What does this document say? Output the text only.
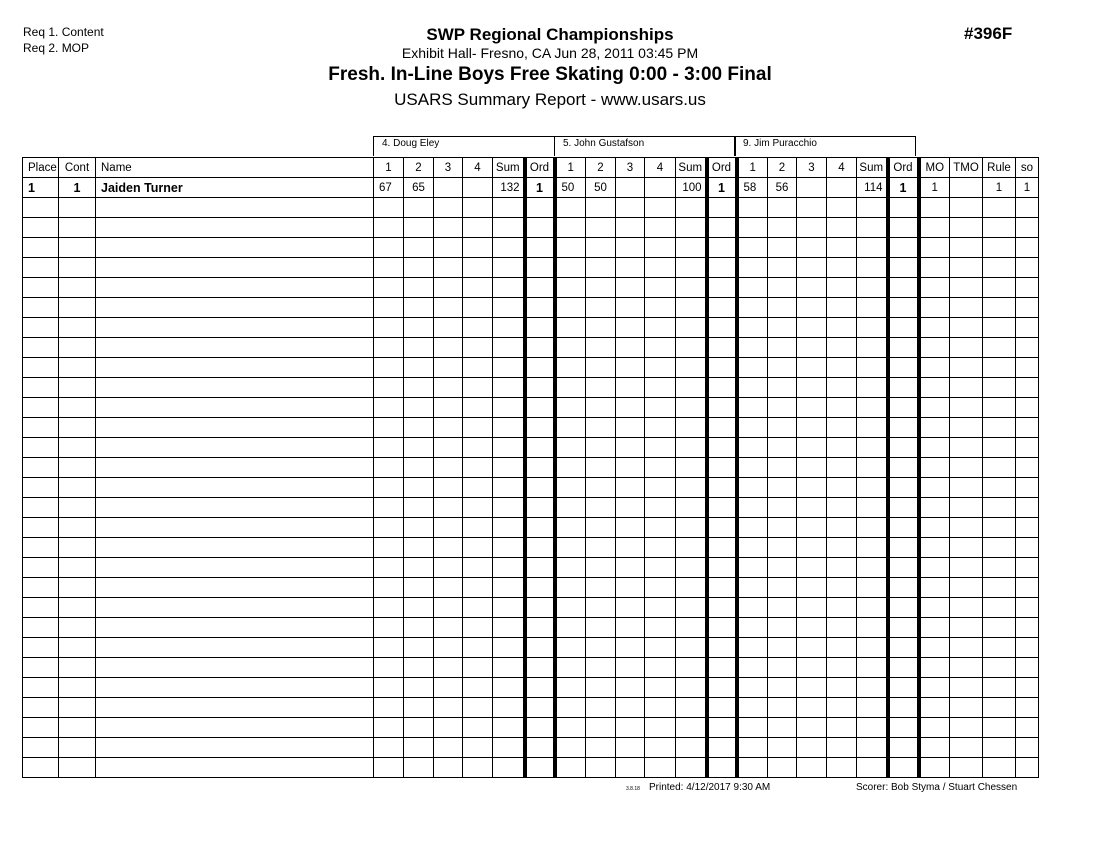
Req 1. Content
Req 2. MOP
SWP Regional Championships
Exhibit Hall- Fresno, CA Jun 28, 2011 03:45 PM
Fresh. In-Line Boys Free Skating 0:00 - 3:00 Final
USARS Summary Report - www.usars.us
#396F
4. Doug Eley	5. John Gustafson	9. Jim Puracchio
Place	Cont	Name	1	2	3	4	Sum	Ord	1	2	3	4	Sum	Ord	1	2	3	4	Sum	Ord	MO	TMO	Rule	so
1	1	Jaiden Turner	67	65			132	1	50	50			100	1	58	56			114	1	1		1	1

3.8.18 Printed: 4/12/2017 9:30 AM	Scorer: Bob Styma / Stuart Chessen
